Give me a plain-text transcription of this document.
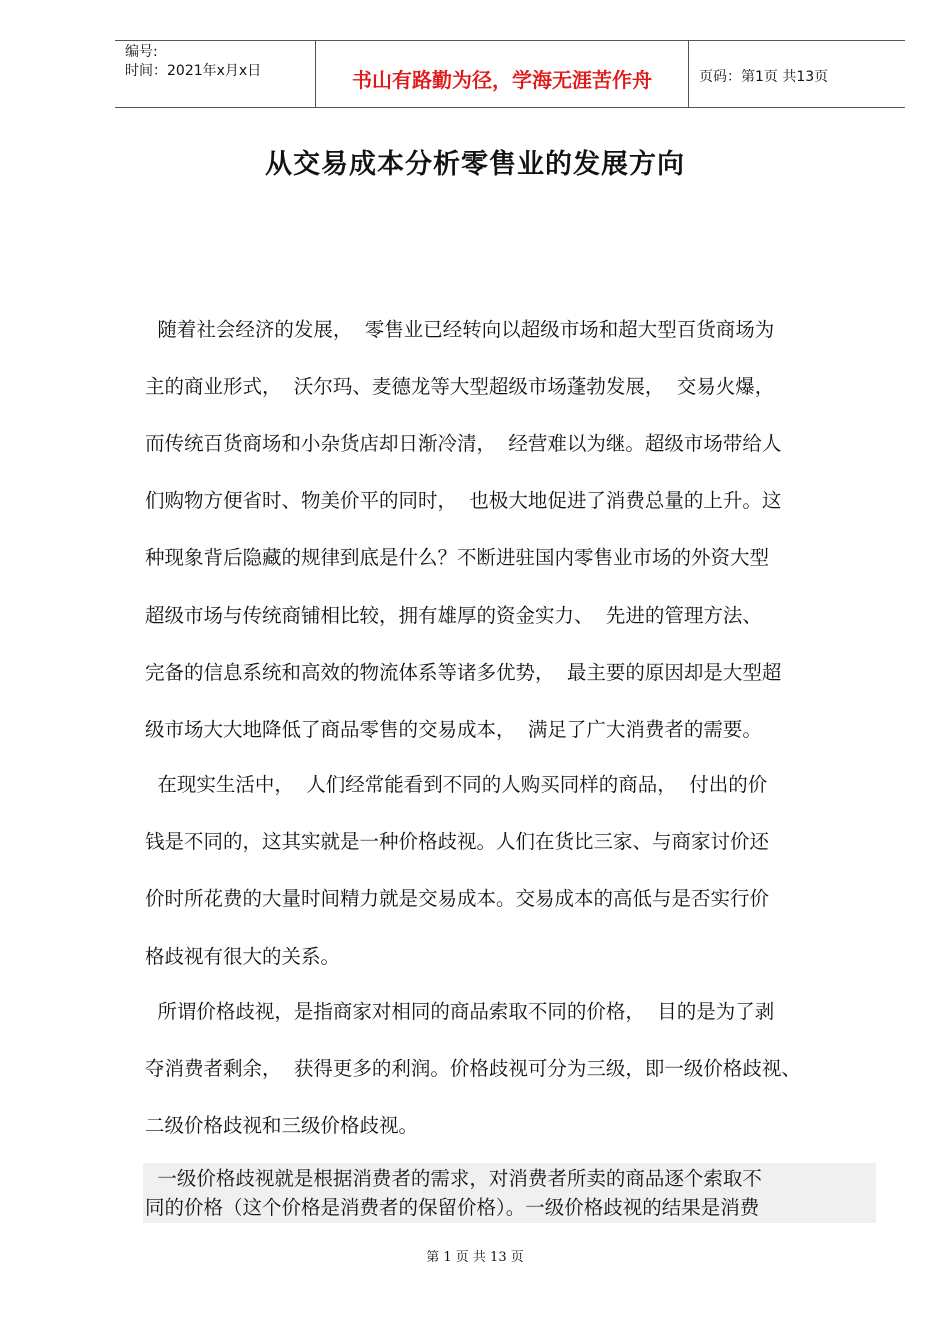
编号:
时间：2021年x月x日	书山有路勤为径，学海无涯苦作舟	页码：第1页 共13页
从交易成本分析零售业的发展方向
随着社会经济的发展，  零售业已经转向以超级市场和超大型百货商场为
主的商业形式，  沃尔玛、麦德龙等大型超级市场蓬勃发展，  交易火爆，
而传统百货商场和小杂货店却日渐冷清，  经营难以为继。超级市场带给人
们购物方便省时、物美价平的同时，  也极大地促进了消费总量的上升。这
种现象背后隐藏的规律到底是什么？不断进驻国内零售业市场的外资大型
超级市场与传统商铺相比较，拥有雄厚的资金实力、  先进的管理方法、
完备的信息系统和高效的物流体系等诸多优势，  最主要的原因却是大型超
级市场大大地降低了商品零售的交易成本，  满足了广大消费者的需要。
在现实生活中，  人们经常能看到不同的人购买同样的商品，  付出的价
钱是不同的，这其实就是一种价格歧视。人们在货比三家、与商家讨价还
价时所花费的大量时间精力就是交易成本。交易成本的高低与是否实行价
格歧视有很大的关系。
所谓价格歧视，是指商家对相同的商品索取不同的价格，  目的是为了剥
夺消费者剩余，  获得更多的利润。价格歧视可分为三级，即一级价格歧视、
二级价格歧视和三级价格歧视。
一级价格歧视就是根据消费者的需求，对消费者所卖的商品逐个索取不
同的价格（这个价格是消费者的保留价格）。一级价格歧视的结果是消费
第 1 页 共 13 页
